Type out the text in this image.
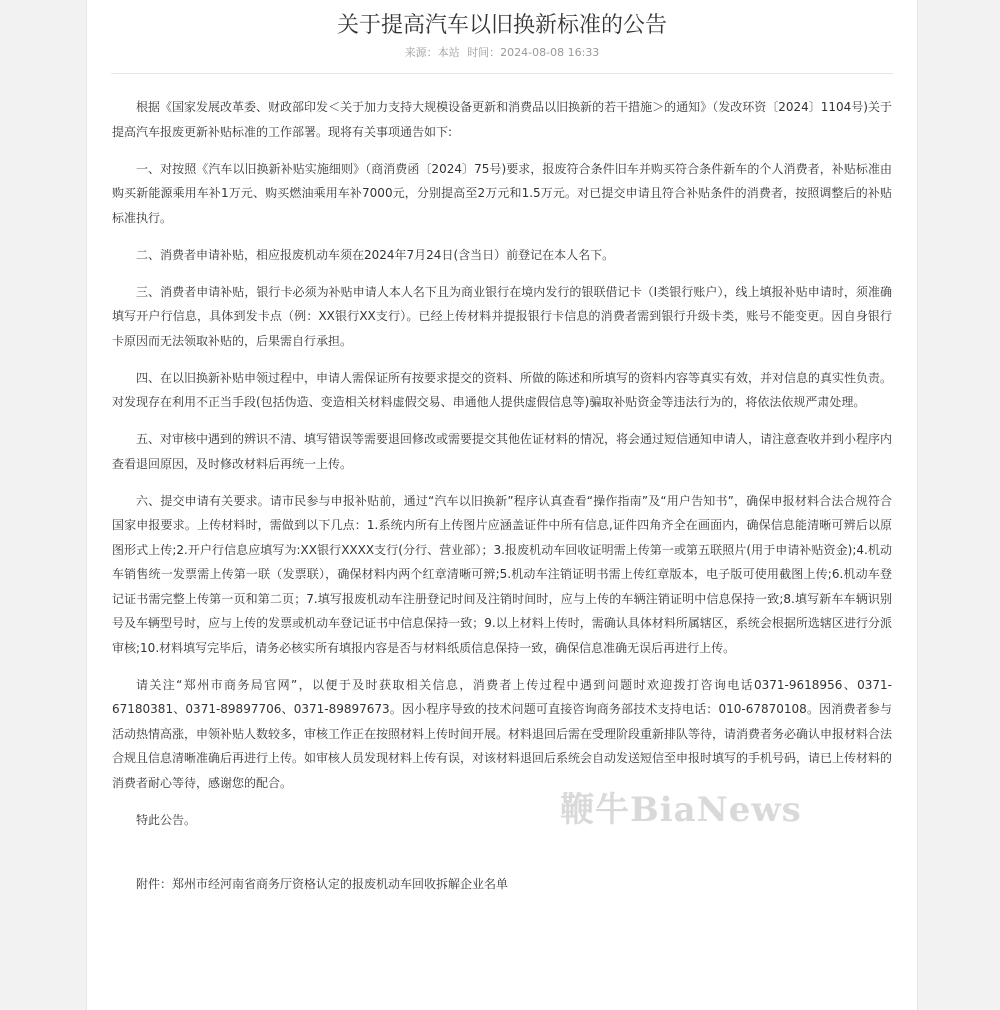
关于提高汽车以旧换新标准的公告
来源：本站 时间：2024-08-08 16:33

根据《国家发展改革委、财政部印发＜关于加力支持大规模设备更新和消费品以旧换新的若干措施＞的通知》（发改环资〔2024〕1104号)关于提高汽车报废更新补贴标准的工作部署。现将有关事项通告如下:

一、对按照《汽车以旧换新补贴实施细则》（商消费函〔2024〕75号)要求，报废符合条件旧车并购买符合条件新车的个人消费者，补贴标准由购买新能源乘用车补1万元、购买燃油乘用车补7000元，分别提高至2万元和1.5万元。对已提交申请且符合补贴条件的消费者，按照调整后的补贴标准执行。

二、消费者申请补贴，相应报废机动车须在2024年7月24日(含当日）前登记在本人名下。

三、消费者申请补贴，银行卡必须为补贴申请人本人名下且为商业银行在境内发行的银联借记卡（I类银行账户），线上填报补贴申请时，须准确填写开户行信息，具体到发卡点（例：XX银行XX支行）。已经上传材料并提报银行卡信息的消费者需到银行升级卡类，账号不能变更。因自身银行卡原因而无法领取补贴的，后果需自行承担。

四、在以旧换新补贴申领过程中，申请人需保证所有按要求提交的资料、所做的陈述和所填写的资料内容等真实有效，并对信息的真实性负责。对发现存在利用不正当手段(包括伪造、变造相关材料虚假交易、串通他人提供虚假信息等)骗取补贴资金等违法行为的，将依法依规严肃处理。

五、对审核中遇到的辨识不清、填写错误等需要退回修改或需要提交其他佐证材料的情况，将会通过短信通知申请人，请注意查收并到小程序内查看退回原因，及时修改材料后再统一上传。

六、提交申请有关要求。请市民参与申报补贴前，通过“汽车以旧换新”程序认真查看“操作指南”及“用户告知书”，确保申报材料合法合规符合国家申报要求。上传材料时，需做到以下几点：1.系统内所有上传图片应涵盖证件中所有信息,证件四角齐全在画面内，确保信息能清晰可辨后以原图形式上传;2.开户行信息应填写为:XX银行XXXX支行(分行、营业部）；3.报废机动车回收证明需上传第一或第五联照片(用于申请补贴资金);4.机动车销售统一发票需上传第一联（发票联），确保材料内两个红章清晰可辨;5.机动车注销证明书需上传红章版本，电子版可使用截图上传;6.机动车登记证书需完整上传第一页和第二页；7.填写报废机动车注册登记时间及注销时间时，应与上传的车辆注销证明中信息保持一致;8.填写新车车辆识别号及车辆型号时，应与上传的发票或机动车登记证书中信息保持一致；9.以上材料上传时，需确认具体材料所属辖区，系统会根据所选辖区进行分派审核;10.材料填写完毕后，请务必核实所有填报内容是否与材料纸质信息保持一致，确保信息准确无误后再进行上传。

请关注“郑州市商务局官网”，以便于及时获取相关信息，消费者上传过程中遇到问题时欢迎拨打咨询电话0371-9618956、0371-67180381、0371-89897706、0371-89897673。因小程序导致的技术问题可直接咨询商务部技术支持电话：010-67870108。因消费者参与活动热情高涨，申领补贴人数较多，审核工作正在按照材料上传时间开展。材料退回后需在受理阶段重新排队等待，请消费者务必确认申报材料合法合规且信息清晰准确后再进行上传。如审核人员发现材料上传有误，对该材料退回后系统会自动发送短信至申报时填写的手机号码，请已上传材料的消费者耐心等待，感谢您的配合。

特此公告。

附件：郑州市经河南省商务厅资格认定的报废机动车回收拆解企业名单

鞭牛BiaNews
